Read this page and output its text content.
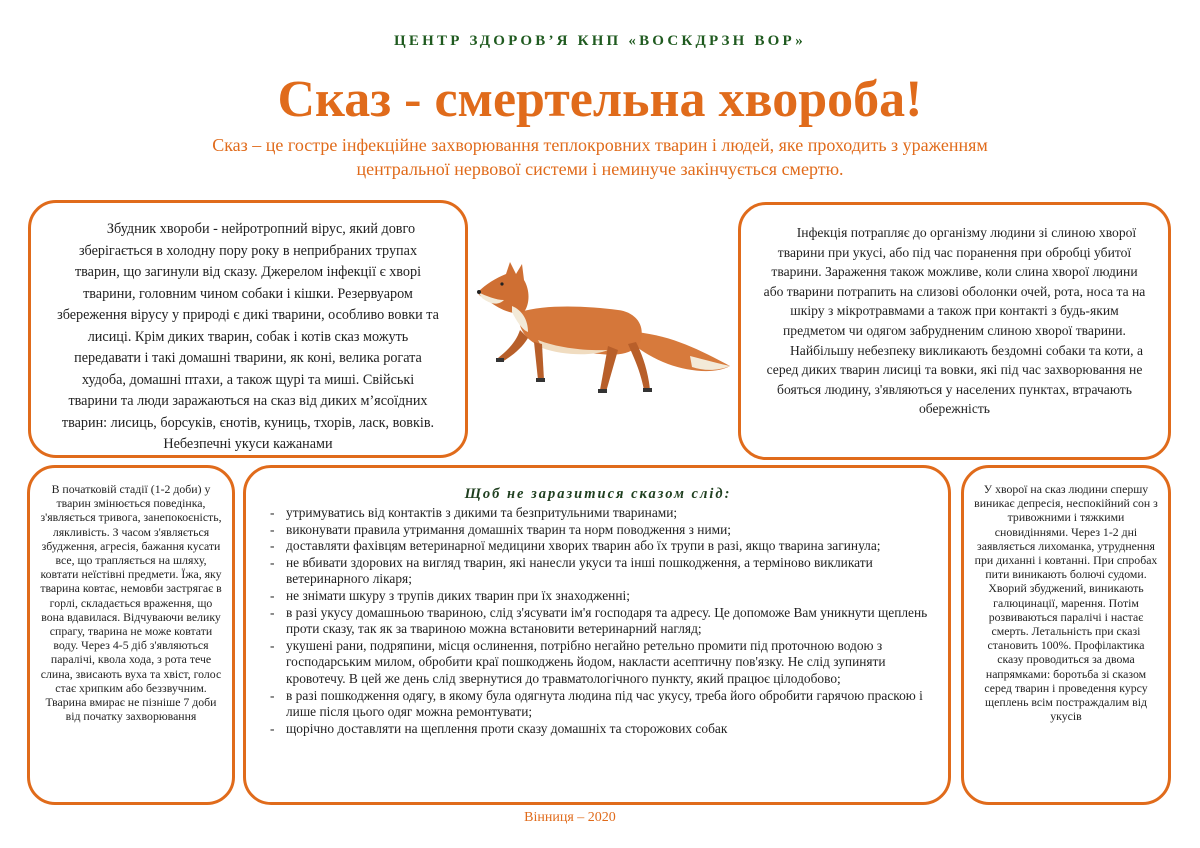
ЦЕНТР ЗДОРОВ’Я КНП «ВОСКДРЗН ВОР»
Сказ - смертельна хвороба!
Сказ – це гостре інфекційне захворювання теплокровних тварин і людей, яке проходить з ураженням центральної нервової системи і неминуче закінчується смертю.

Збудник хвороби - нейротропний вірус, який довго зберігається в холодну пору року в неприбраних трупах тварин, що загинули від сказу. Джерелом інфекції є хворі тварини, головним чином собаки і кішки. Резервуаром збереження вірусу у природі є дикі тварини, особливо вовки та лисиці. Крім диких тварин, собак і котів сказ можуть передавати і такі домашні тварини, як коні, велика рогата худоба, домашні птахи, а також щурі та миші. Свійські тварини та люди заражаються на сказ від диких м’ясоїдних тварин: лисиць, борсуків, єнотів, куниць, тхорів, ласк, вовків. Небезпечні укуси кажанами

Інфекція потрапляє до організму людини зі слиною хворої тварини при укусі, або під час поранення при обробці убитої тварини. Зараження також можливе, коли слина хворої людини або тварини потрапить на слизові оболонки очей, рота, носа та на шкіру з мікротравмами а також при контакті з будь-яким предметом чи одягом забрудненим слиною хворої тварини.

Найбільшу небезпеку викликають бездомні собаки та коти, а серед диких тварин лисиці та вовки, які під час захворювання не бояться людину, з'являються у населених пунктах, втрачають обережність

В початковій стадії (1-2 доби) у тварин змінюється поведінка, з'являється тривога, занепокоєність, лякливість. З часом з'являється збудження, агресія, бажання кусати все, що трапляється на шляху, ковтати неїстівні предмети. Їжа, яку тварина ковтає, немовби застрягає в горлі, складається враження, що вона вдавилася. Відчуваючи велику спрагу, тварина не може ковтати воду. Через 4-5 діб з'являються паралічі, квола хода, з рота тече слина, звисають вуха та хвіст, голос стає хрипким або беззвучним. Тварина вмирає не пізніше 7 доби від початку захворювання

Щоб не заразитися сказом слід:
- утримуватись від контактів з дикими та безпритульними тваринами;
- виконувати правила утримання домашніх тварин та норм поводження з ними;
- доставляти фахівцям ветеринарної медицини хворих тварин або їх трупи в разі, якщо тварина загинула;
- не вбивати здорових на вигляд тварин, які нанесли укуси та інші пошкодження, а терміново викликати ветеринарного лікаря;
- не знімати шкуру з трупів диких тварин при їх знаходженні;
- в разі укусу домашньою твариною, слід з'ясувати ім'я господаря та адресу. Це допоможе Вам уникнути щеплень проти сказу, так як за твариною можна встановити ветеринарний нагляд;
- укушені рани, подряпини, місця ослинення, потрібно негайно ретельно промити під проточною водою з господарським милом, обробити краї пошкоджень йодом, накласти асептичну пов'язку. Не слід зупиняти кровотечу. В цей же день слід звернутися до травматологічного пункту, який працює цілодобово;
- в разі пошкодження одягу, в якому була одягнута людина під час укусу, треба його обробити гарячою праскою і лише після цього одяг можна ремонтувати;
- щорічно доставляти на щеплення проти сказу домашніх та сторожових собак

У хворої на сказ людини спершу виникає депресія, неспокійний сон з тривожними і тяжкими сновидіннями. Через 1-2 дні заявляється лихоманка, утруднення при диханні і ковтанні. При спробах пити виникають болючі судоми. Хворий збуджений, виникають галюцинації, марення. Потім розвиваються паралічі і настає смерть. Летальність при сказі становить 100%. Профілактика сказу проводиться за двома напрямками: боротьба зі сказом серед тварин і проведення курсу щеплень всім постраждалим від укусів

Вінниця – 2020
